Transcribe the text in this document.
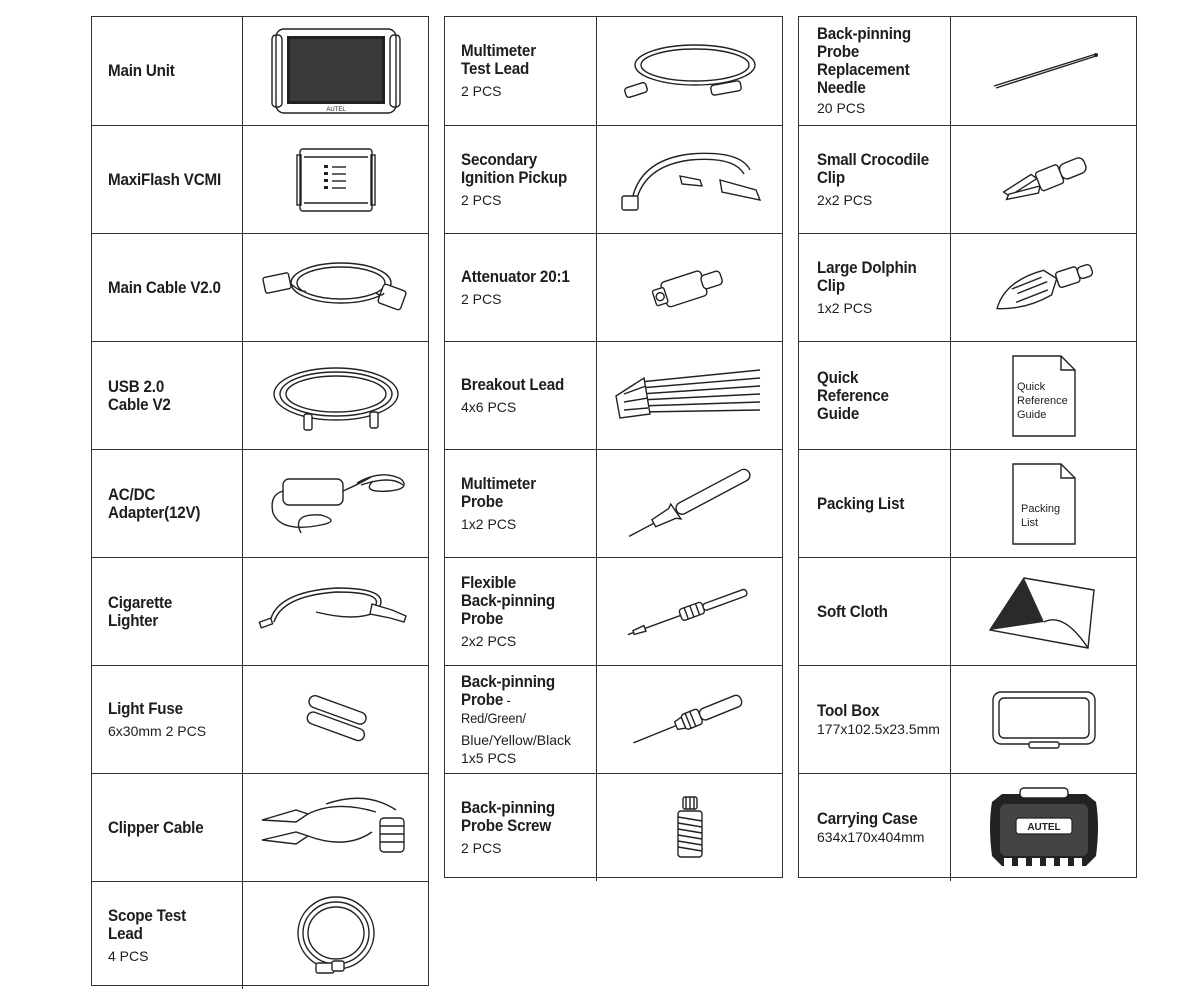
Main Unit
AUTEL
MaxiFlash VCMI
Main Cable V2.0
USB 2.0
Cable V2
AC/DC
Adapter(12V)
Cigarette Lighter
Light Fuse
6x30mm 2 PCS
Clipper Cable
Scope Test Lead
4 PCS
Multimeter
Test Lead
2 PCS
Secondary
Ignition Pickup
2 PCS
Attenuator 20:1
2 PCS
Breakout Lead
4x6 PCS
Multimeter
Probe
1x2 PCS
Flexible
Back-pinning
Probe
2x2 PCS
Back-pinning
Probe - Red/Green/
Blue/Yellow/Black
1x5 PCS
Back-pinning
Probe Screw
2 PCS
Back-pinning
Probe
Replacement
Needle
20 PCS
Small Crocodile
Clip
2x2 PCS
Large Dolphin
Clip
1x2 PCS
Quick Reference
Guide
Quick
Reference
Guide
Packing List	Packing
List
Soft Cloth
Tool Box
177x102.5x23.5mm
Carrying Case
634x170x404mm
AUTEL
